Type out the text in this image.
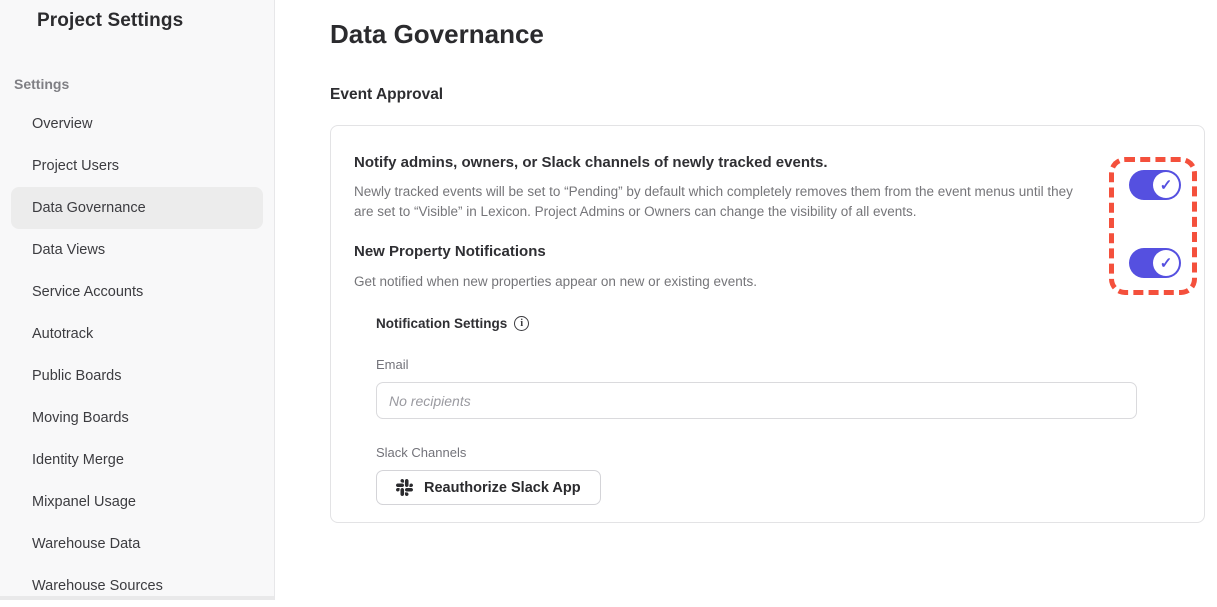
Project Settings
Settings
Overview
Project Users
Data Governance
Data Views
Service Accounts
Autotrack
Public Boards
Moving Boards
Identity Merge
Mixpanel Usage
Warehouse Data
Warehouse Sources
Data Governance
Event Approval
Notify admins, owners, or Slack channels of newly tracked events.

Newly tracked events will be set to “Pending” by default which completely removes them from the event menus until they are set to “Visible” in Lexicon. Project Admins or Owners can change the visibility of all events.

New Property Notifications

Get notified when new properties appear on new or existing events.

Notification Settings	i
Email
No recipients
Slack Channels
Reauthorize Slack App
✓
✓
